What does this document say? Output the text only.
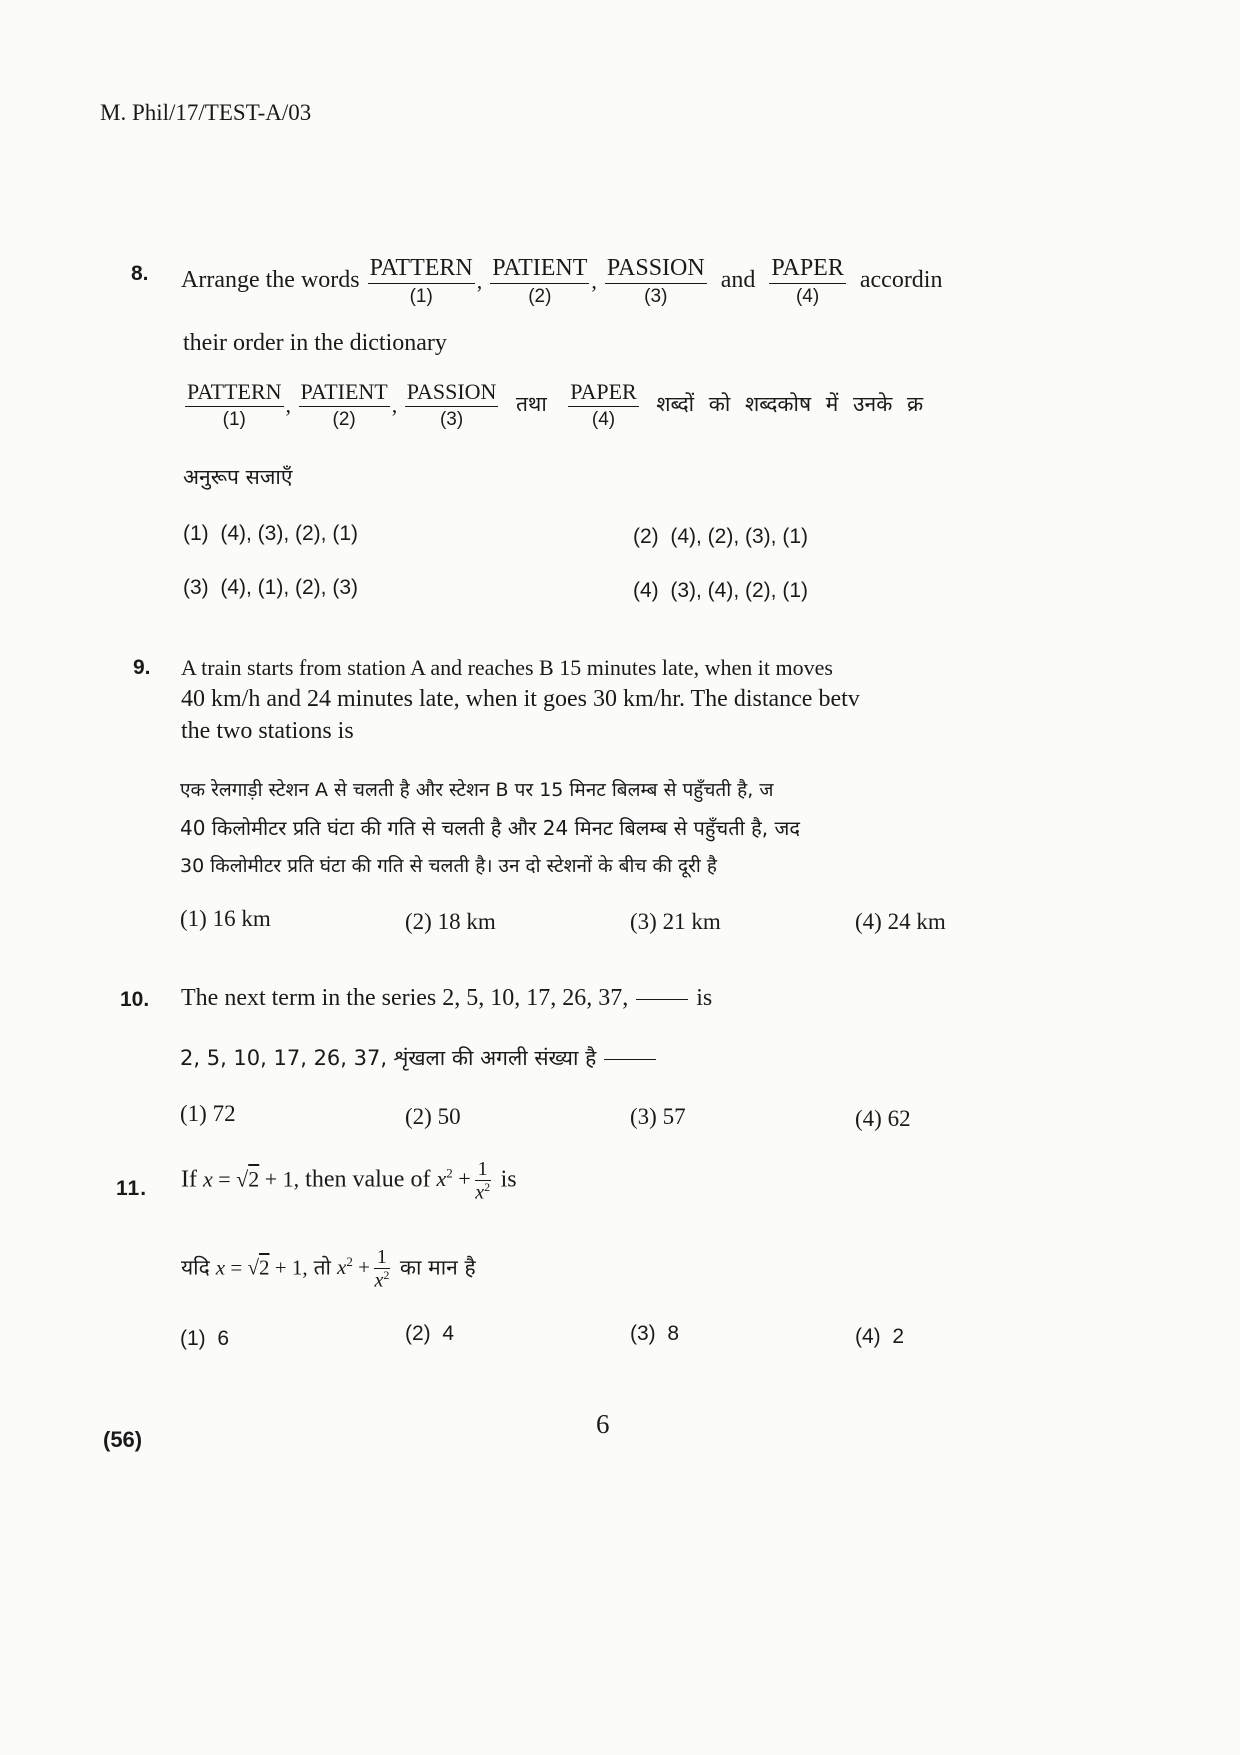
M. Phil/17/TEST-A/03
8. Arrange the words $\frac{\text{PATTERN}}{(1)}$ , $\frac{\text{PATIENT}}{(2)}$ , $\frac{\text{PASSION}}{(3)}$ and $\frac{\text{PAPER}}{(4)}$ accordin
their order in the dictionary
$\frac{\text{PATTERN}}{(1)}$ , $\frac{\text{PATIENT}}{(2)}$ , $\frac{\text{PASSION}}{(3)}$ तथा $\frac{\text{PAPER}}{(4)}$ शब्दों को शब्दकोष में उनके क्र
अनुरूप सजाएँ
(1) (4), (3), (2), (1)	(2) (4), (2), (3), (1)
(3) (4), (1), (2), (3)	(4) (3), (4), (2), (1)
9. A train starts from station A and reaches B 15 minutes late, when it moves
40 km/h and 24 minutes late, when it goes 30 km/hr. The distance betv
the two stations is
एक रेलगाड़ी स्टेशन A से चलती है और स्टेशन B पर 15 मिनट बिलम्ब से पहुँचती है, ज
40 किलोमीटर प्रति घंटा की गति से चलती है और 24 मिनट बिलम्ब से पहुँचती है, जद
30 किलोमीटर प्रति घंटा की गति से चलती है। उन दो स्टेशनों के बीच की दूरी है
(1) 16 km	(2) 18 km	(3) 21 km	(4) 24 km
10. The next term in the series 2, 5, 10, 17, 26, 37,	is
2, 5, 10, 17, 26, 37, शृंखला की अगली संख्या है
(1) 72	(2) 50	(3) 57	(4) 62
11. If x = √2 + 1, then value of $x^2 + \frac{1}{x^2}$ is
यदि x = √2 + 1, तो $x^2 + \frac{1}{x^2}$ का मान है
(1) 6	(2) 4	(3) 8	(4) 2
(56)
6
